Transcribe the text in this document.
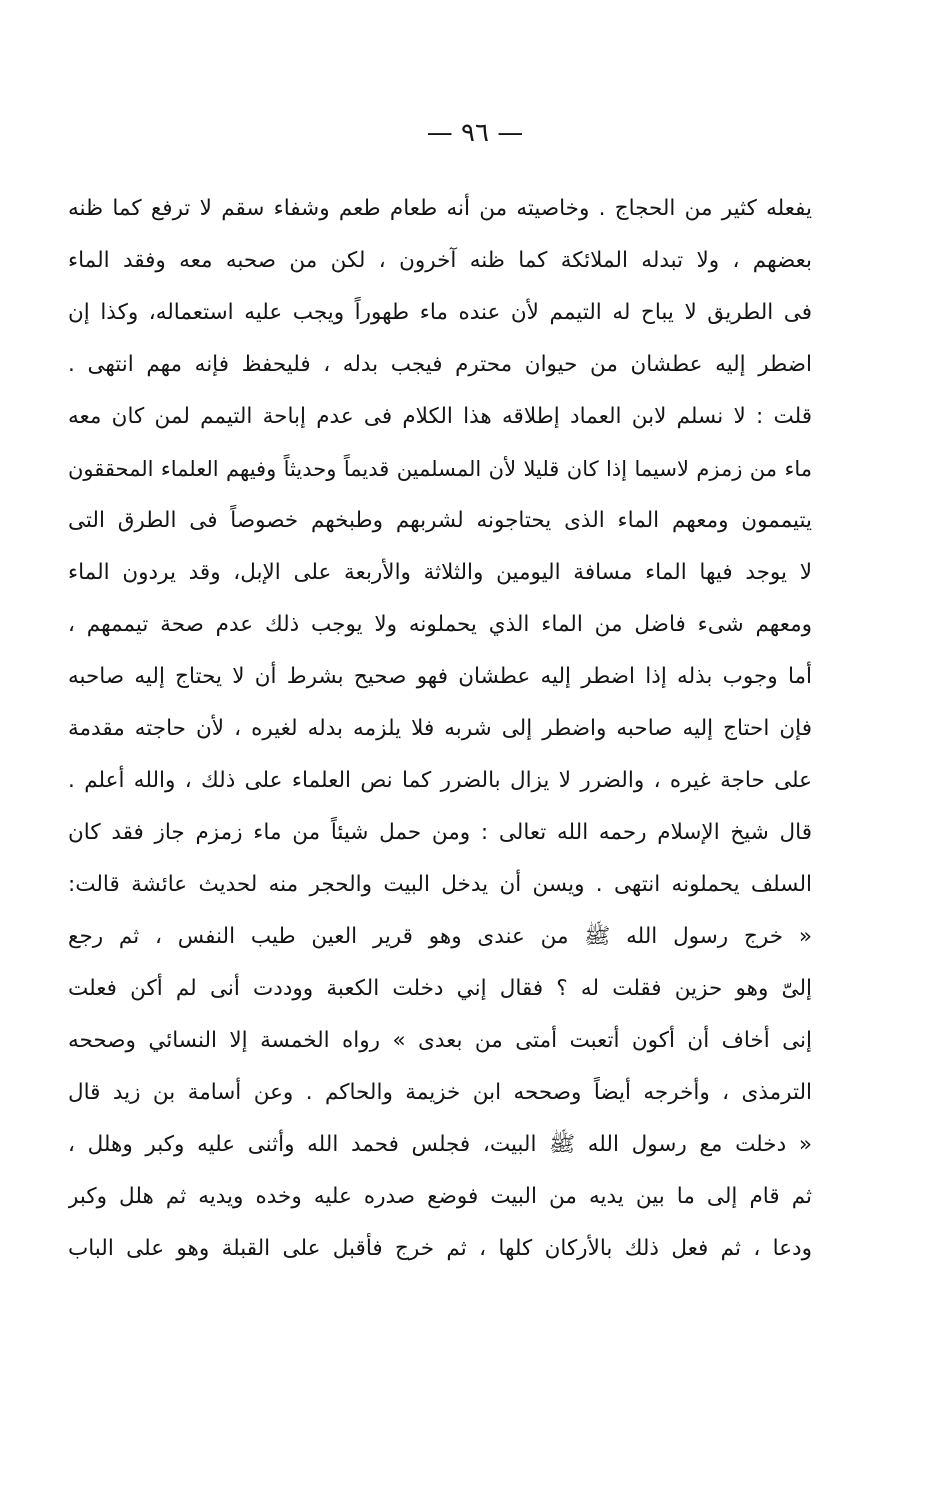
— ٩٦ —
يفعله كثير من الحجاج . وخاصيته من أنه طعام طعم وشفاء سقم لا ترفع كما ظنه
بعضهم ، ولا تبدله الملائكة كما ظنه آخرون ، لكن من صحبه معه وفقد الماء
فى الطريق لا يباح له التيمم لأن عنده ماء طهوراً ويجب عليه استعماله، وكذا إن
اضطر إليه عطشان من حيوان محترم فيجب بدله ، فليحفظ فإنه مهم انتهى .
قلت : لا نسلم لابن العماد إطلاقه هذا الكلام فى عدم إباحة التيمم لمن كان معه
ماء من زمزم لاسيما إذا كان قليلا لأن المسلمين قديماً وحديثاً وفيهم العلماء المحققون
يتيممون ومعهم الماء الذى يحتاجونه لشربهم وطبخهم خصوصاً فى الطرق التى
لا يوجد فيها الماء مسافة اليومين والثلاثة والأربعة على الإبل، وقد يردون الماء
ومعهم شىء فاضل من الماء الذي يحملونه ولا يوجب ذلك عدم صحة تيممهم ،
أما وجوب بذله إذا اضطر إليه عطشان فهو صحيح بشرط أن لا يحتاج إليه صاحبه
فإن احتاج إليه صاحبه واضطر إلى شربه فلا يلزمه بدله لغيره ، لأن حاجته مقدمة
على حاجة غيره ، والضرر لا يزال بالضرر كما نص العلماء على ذلك ، والله أعلم .
قال شيخ الإسلام رحمه الله تعالى : ومن حمل شيئاً من ماء زمزم جاز فقد كان
السلف يحملونه انتهى . ويسن أن يدخل البيت والحجر منه لحديث عائشة قالت:
« خرج رسول الله ﷺ من عندى وهو قرير العين طيب النفس ، ثم رجع
إلىّ وهو حزين فقلت له ؟ فقال إني دخلت الكعبة ووددت أنى لم أكن فعلت
إنى أخاف أن أكون أتعبت أمتى من بعدى » رواه الخمسة إلا النسائي وصححه
الترمذى ، وأخرجه أيضاً وصححه ابن خزيمة والحاكم . وعن أسامة بن زيد قال
« دخلت مع رسول الله ﷺ البيت، فجلس فحمد الله وأثنى عليه وكبر وهلل ،
ثم قام إلى ما بين يديه من البيت فوضع صدره عليه وخده ويديه ثم هلل وكبر
ودعا ، ثم فعل ذلك بالأركان كلها ، ثم خرج فأقبل على القبلة وهو على الباب
